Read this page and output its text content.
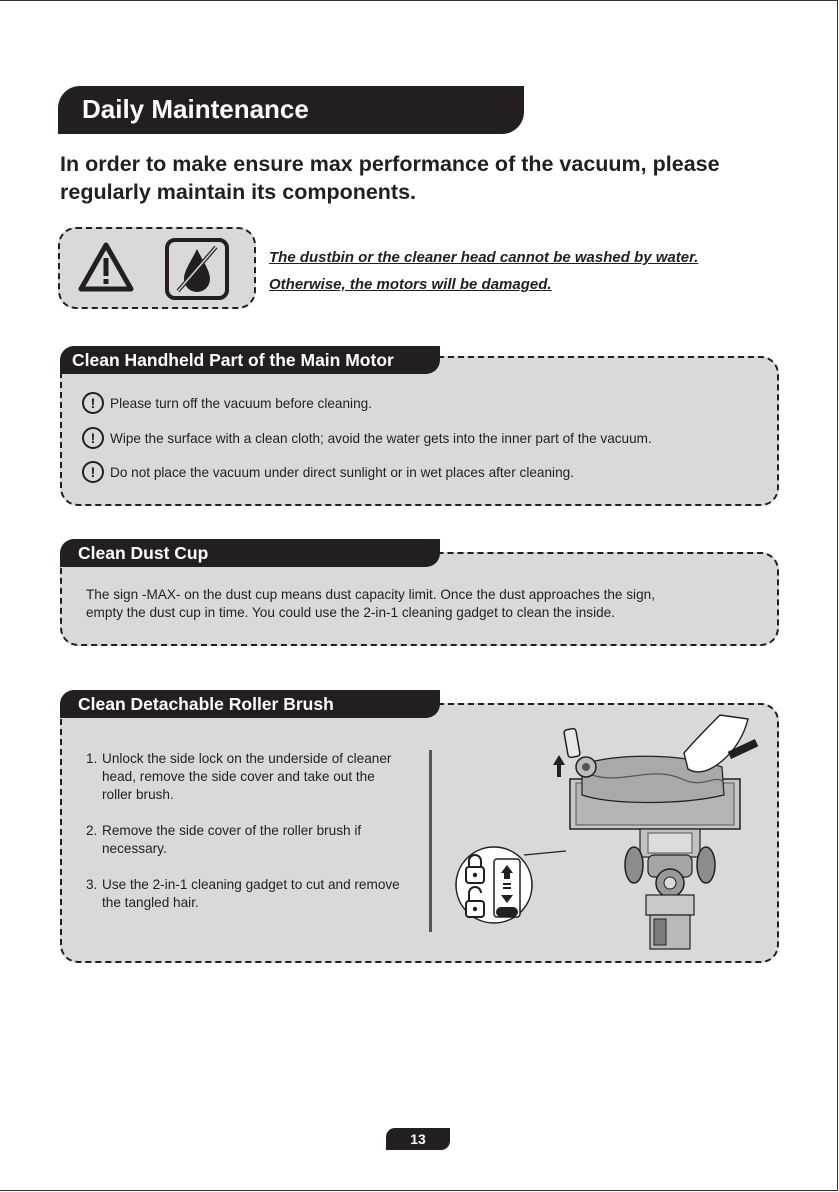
Daily Maintenance
In order to make ensure max performance of the vacuum, please regularly maintain its components.
The dustbin or the cleaner head cannot be washed by water.
Otherwise, the motors will be damaged.
Clean Handheld Part of the Main Motor
!	Please turn off the vacuum before cleaning.
!	Wipe the surface with a clean cloth; avoid the water gets into the inner part of the vacuum.
!	Do not place the vacuum under direct sunlight or in wet places after cleaning.
Clean Dust Cup
The sign -MAX- on the dust cup means dust capacity limit. Once the dust approaches the sign,
empty the dust cup in time. You could use the 2-in-1 cleaning gadget to clean the inside.
Clean Detachable Roller Brush
1. Unlock the side lock on the underside of cleaner head, remove the side cover and take out the roller brush.
2. Remove the side cover of the roller brush if necessary.
3. Use the 2-in-1 cleaning gadget to cut and remove the tangled hair.
13
